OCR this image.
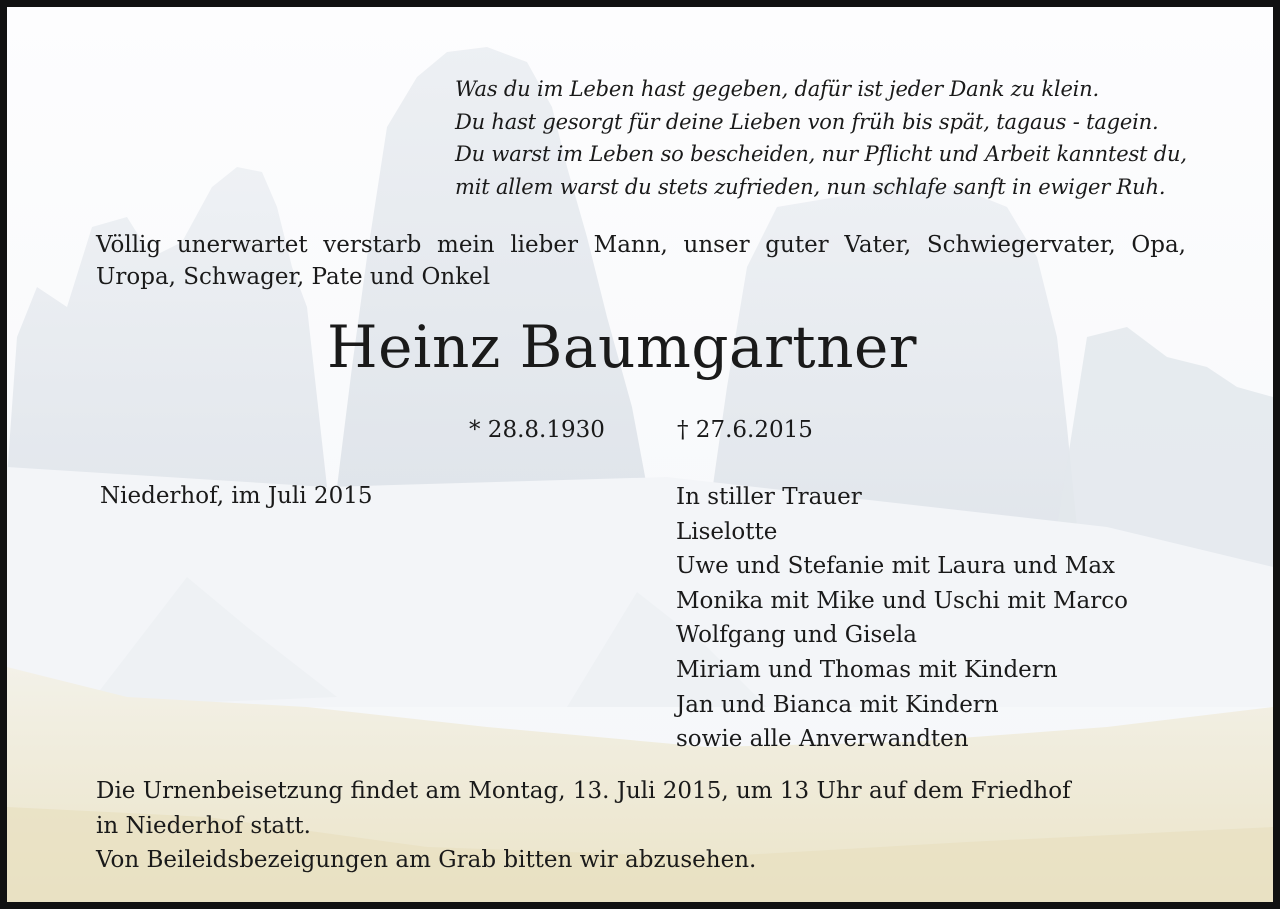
Was du im Leben hast gegeben, dafür ist jeder Dank zu klein.
Du hast gesorgt für deine Lieben von früh bis spät, tagaus - tagein.
Du warst im Leben so bescheiden, nur Pflicht und Arbeit kanntest du,
mit allem warst du stets zufrieden, nun schlafe sanft in ewiger Ruh.
Völlig unerwartet verstarb mein lieber Mann, unser guter Vater, Schwiegervater, Opa, Uropa, Schwager, Pate und Onkel
Heinz Baumgartner
* 28.8.1930	† 27.6.2015
Niederhof, im Juli 2015	In stiller Trauer
Liselotte
Uwe und Stefanie mit Laura und Max
Monika mit Mike und Uschi mit Marco
Wolfgang und Gisela
Miriam und Thomas mit Kindern
Jan und Bianca mit Kindern
sowie alle Anverwandten
Die Urnenbeisetzung findet am Montag, 13. Juli 2015, um 13 Uhr auf dem Friedhof
in Niederhof statt.
Von Beileidsbezeigungen am Grab bitten wir abzusehen.
